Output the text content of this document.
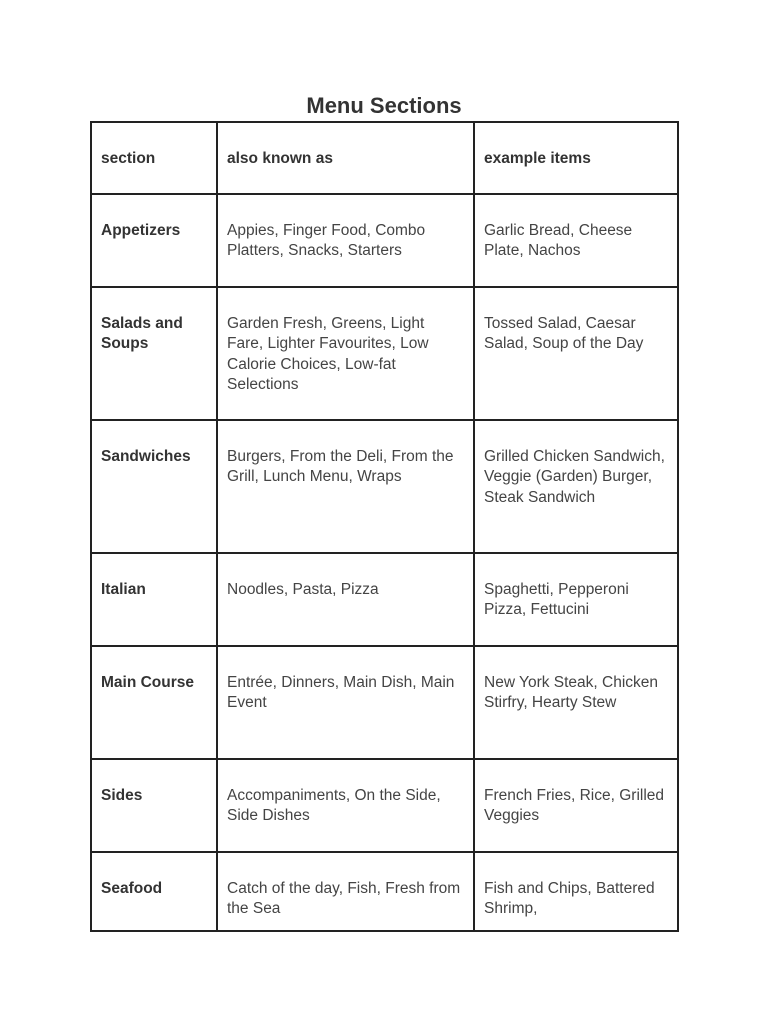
Menu Sections
section	also known as	example items
Appetizers	Appies, Finger Food, Combo Platters, Snacks, Starters	Garlic Bread, Cheese Plate, Nachos
Salads and Soups	Garden Fresh, Greens, Light Fare, Lighter Favourites, Low Calorie Choices, Low-fat Selections	Tossed Salad, Caesar Salad, Soup of the Day
Sandwiches	Burgers, From the Deli, From the Grill, Lunch Menu, Wraps	Grilled Chicken Sandwich, Veggie (Garden) Burger, Steak Sandwich
Italian	Noodles, Pasta, Pizza	Spaghetti, Pepperoni Pizza, Fettucini
Main Course	Entrée, Dinners, Main Dish, Main Event	New York Steak, Chicken Stirfry, Hearty Stew
Sides	Accompaniments, On the Side, Side Dishes	French Fries, Rice, Grilled Veggies
Seafood	Catch of the day, Fish, Fresh from the Sea	Fish and Chips, Battered Shrimp,
